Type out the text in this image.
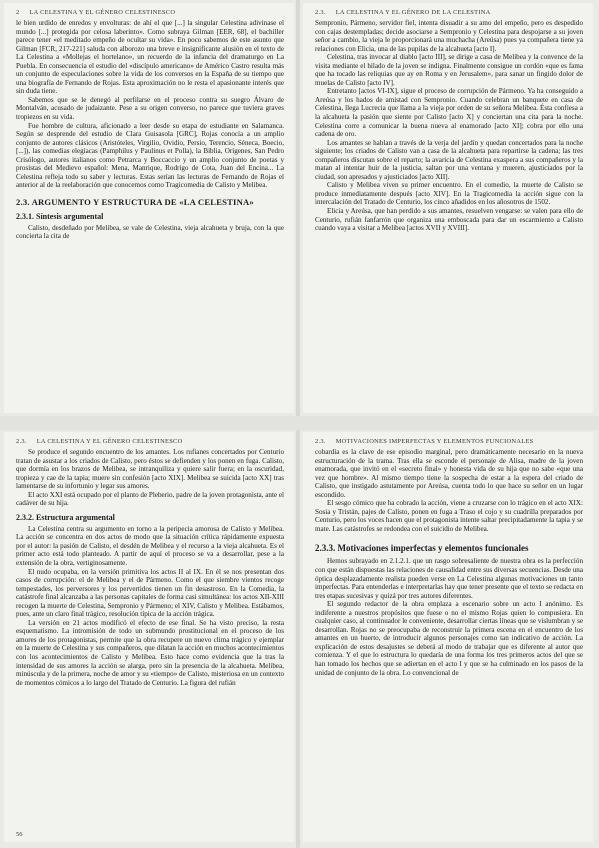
2 LA CELESTINA Y EL GÉNERO CELESTINESCO

le bien urdido de enredos y envolturas: de ahí el que [...] la singular Celestina adivinase el mundo [...] protegida por celosa laberinto». Como subraya Gilman [EER, 68], el bachiller parece tener «el meditado empeño de ocultar su vida». En poco sabemos de este asunto que Gilman [FCR, 217-221] saluda con alborozo una breve e insignificante alusión en el texto de La Celestina a «Mollejas el hortelano», un recuerdo de la infancia del dramaturgo en La Puebla. En consecuencia el estudio del «discípulo americano» de Américo Castro resulta más un conjunto de especulaciones sobre la vida de los conversos en la España de su tiempo que una biografía de Fernando de Rojas. Esta aproximación no le resta el apasionante interés que sin duda tiene.

Sabemos que se le denegó al perfilarse en el proceso contra su suegro Álvaro de Montalván, acusado de judaizante. Pese a su origen converso, no parece que tuviera graves tropiezos en su vida.

Fue hombre de cultura, aficionado a leer desde su etapa de estudiante en Salamanca. Según se desprende del estudio de Clara Guisasola [GRC], Rojas conocía a un amplio conjunto de autores clásicos (Aristóteles, Virgilio, Ovidio, Persio, Terencio, Séneca, Boecio, [...]), las comedias elegíacas (Pamphilus y Paulinus et Polla), la Biblia, Orígenes, San Pedro Crisólogo, autores italianos como Petrarca y Boccaccio y un amplio conjunto de poetas y prosistas del Medievo español: Mena, Manrique, Rodrigo de Cota, Juan del Encina... La Celestina refleja todo su saber y lecturas. Estas serían las lecturas de Fernando de Rojas el anterior al de la reelaboración que conocemos como Tragicomedia de Calisto y Melibea.

2.3. ARGUMENTO Y ESTRUCTURA DE «LA CELESTINA»
2.3.1. Síntesis argumental

Calisto, desdeñado por Melibea, se vale de Celestina, vieja alcahueta y bruja, con la que concierta la cita de

2.3. LA CELESTINA Y EL GÉNERO DE LA CELESTINA

Sempronio, Pármeno, servidor fiel, intenta disuadir a su amo del empeño, pero es despedido con cajas destempladas; decide asociarse a Sempronio y Celestina para despojarse a su joven señor a cambio, la vieja le proporcionará una muchacha (Areúsa) pues ya compañera tiene ya relaciones con Elicia, una de las pupilas de la alcahueta [acto I].

Celestina, tras invocar al diablo [acto III], se dirige a casa de Melibea y la convence de la visita mediante el hilado de la joven se indigna. Finalmente consigue un cordón «que es fama que ha tocado las reliquias que ay en Roma y en Jerusalem», para sanar un fingido dolor de muelas de Calisto [acto IV].

Entretanto [actos VI-IX], sigue el proceso de corrupción de Pármeno. Ya ha conseguido a Areúsa y los hados de amistad con Sempronio. Cuando celebran un banquete en casa de Celestina, llega Lucrecia que llama a la vieja por orden de su señora Melibea. Ésta confiesa a la alcahueta la pasión que siente por Calisto [acto X] y conciertan una cita para la noche. Celestina corre a comunicar la buena nueva al enamorado [acto XI]; cobra por ello una cadena de oro.

Los amantes se hablan a través de la verja del jardín y quedan concertados para la noche siguiente; los criados de Calisto van a casa de la alcahueta para repartirse la cadena; las tres compañeros discutan sobre el reparto; la avaricia de Celestina exaspera a sus compañeros y la matan al intentar huir de la justicia, saltan por una ventana y mueren, ajusticiados por la ciudad, son apresados y ajusticiados [acto XII].

Calisto y Melibea viven su primer encuentro. En el comedio, la muerte de Calisto se produce inmediatamente después [acto XIV]. En la Tragicomedia la acción sigue con la intercalación del Tratado de Centurio, los cinco añadidos en los añosotros de 1502.

Elicia y Areúsa, que han perdido a sus amantes, resuelven vengarse: se valen para ello de Centurio, rufián fanfarrón que organiza una emboscada para dar un escarmiento a Calisto cuando vaya a visitar a Melibea [actos XVII y XVIII].

2.3. LA CELESTINA Y EL GÉNERO CELESTINESCO

Se produce el segundo encuentro de los amantes. Los rufianes concertados por Centurio tratan de asustar a los criados de Calisto, pero éstos se defienden y los ponen en fuga. Calisto, que dormía en los brazos de Melibea, se intranquiliza y quiere salir fuera; en la oscuridad, tropieza y cae de la tapia; muere sin confesión [acto XIX]. Melibea se suicida [acto XX] tras lamentarse de su infortunio y legar sus amores.

El acto XXI está ocupado por el planto de Pleberio, padre de la joven protagonista, ante el cadáver de su hija.

2.3.2. Estructura argumental

La Celestina centra su argumento en torno a la peripecia amorosa de Calisto y Melibea. La acción se concentra en dos actos de modo que la situación crítica rápidamente expuesta por el autor: la pasión de Calisto, el desdén de Melibea y el recurso a la vieja alcahueta. Es el primer acto está todo planteado. A partir de aquí el proceso se va a desarrollar, pese a la extensión de la obra, vertiginosamente.

El nudo ocupaba, en la versión primitiva los actos II al IX. En él se nos presentan dos casos de corrupción: el de Melibea y el de Pármeno. Como el que siembre vientos recoge tempestades, los perversores y los pervertidos tienen un fin desastroso. En la Comedia, la catástrofe final alcanzaba a las personas capitales de forma casi simultánea: los actos XII-XIII recogen la muerte de Celestina, Sempronio y Pármeno; el XIV, Calisto y Melibea. Estábamos, pues, ante un claro final trágico, resolución típica de la acción trágica.

La versión en 21 actos modificó el efecto de ese final. Se ha visto preciso, la resta esquematismo. La intromisión de todo un submundo prostitucional en el proceso de los amores de los protagonistas, permite que la obra recupere un nuevo clima trágico y ejemplar en la muerte de Celestina y sus compañeros, que dilatan la acción en muchos acontecimientos con los acontecimientos de Calisto y Melibea. Esto hace como evidencia que la tras la intensidad de sus amores la acción se alarga, pero sin la presencia de la alcahueta. Melibea, minúscula y de la primera, noche de amor y su «tiempo» de Calisto, misteriosa en un contexto de momentos cómicos a lo largo del Tratado de Centurio. La figura del rufián

56
2.3. MOTIVACIONES IMPERFECTAS Y ELEMENTOS FUNCIONALES

cobardía es la clave de ese episodio marginal, pero dramáticamente necesario en la nueva estructuración de la trama. Tras ella se esconde el personaje de Alisa, madre de la joven enamorada, que invitó en el «secreto final» y honesta vida de su hija que no sabe «que una vez que hombre». Al mismo tiempo tiene la sospecha de estar a la espera del criado de Calisto, que instigado astutamente por Areúsa, cuenta todo lo que hace su señor en un lugar escondido.

El sesgo cómico que ha cobrado la acción, viene a cruzarse con lo trágico en el acto XIX: Sosia y Tristán, pajes de Calisto, ponen en fuga a Traso el cojo y su cuadrilla preparados por Centurio, pero los voces hacen que el protagonista intente saltar precipitadamente la tapia y se mate. Las catástrofes se redondea con el suicidio de Melibea.

2.3.3. Motivaciones imperfectas y elementos funcionales

Hemos subrayado en 2.1.2.1. que un rasgo sobresaliente de nuestra obra es la perfección con que están dispuestas las relaciones de causalidad entre sus diversas secuencias. Desde una óptica desplazadamente realista pueden verse en La Celestina algunas motivaciones un tanto imperfectas. Para entenderlas e interpretarlas hay que tener presente que el texto se redacta en tres etapas sucesivas y quizá por tres autores diferentes.

El segundo redactor de la obra emplaza a escenario sobre un acto I anónimo. Es indiferente a nuestros propósitos que fuese o no el mismo Rojas quien lo compusiera. En cualquier caso, al continuador le conveniente, desarrollar ciertas líneas que se vislumbran y se desarrollan. Rojas no se preocupaba de reconstruir la primera escena en el encuentro de los amantes en un huerto, de introducir algunos personajes como tan indicativo de acción. La explicación de estos desajustes se deberá al modo de trabajar que es diferente al autor que comienza. Y el que lo estructura lo quedaría de una forma los tres primeros actos del que se han tomado los hechos que se adiertan en el acto I y que se ha culminado en los pasos de la unidad de conjunto de la obra. Lo convencional de
